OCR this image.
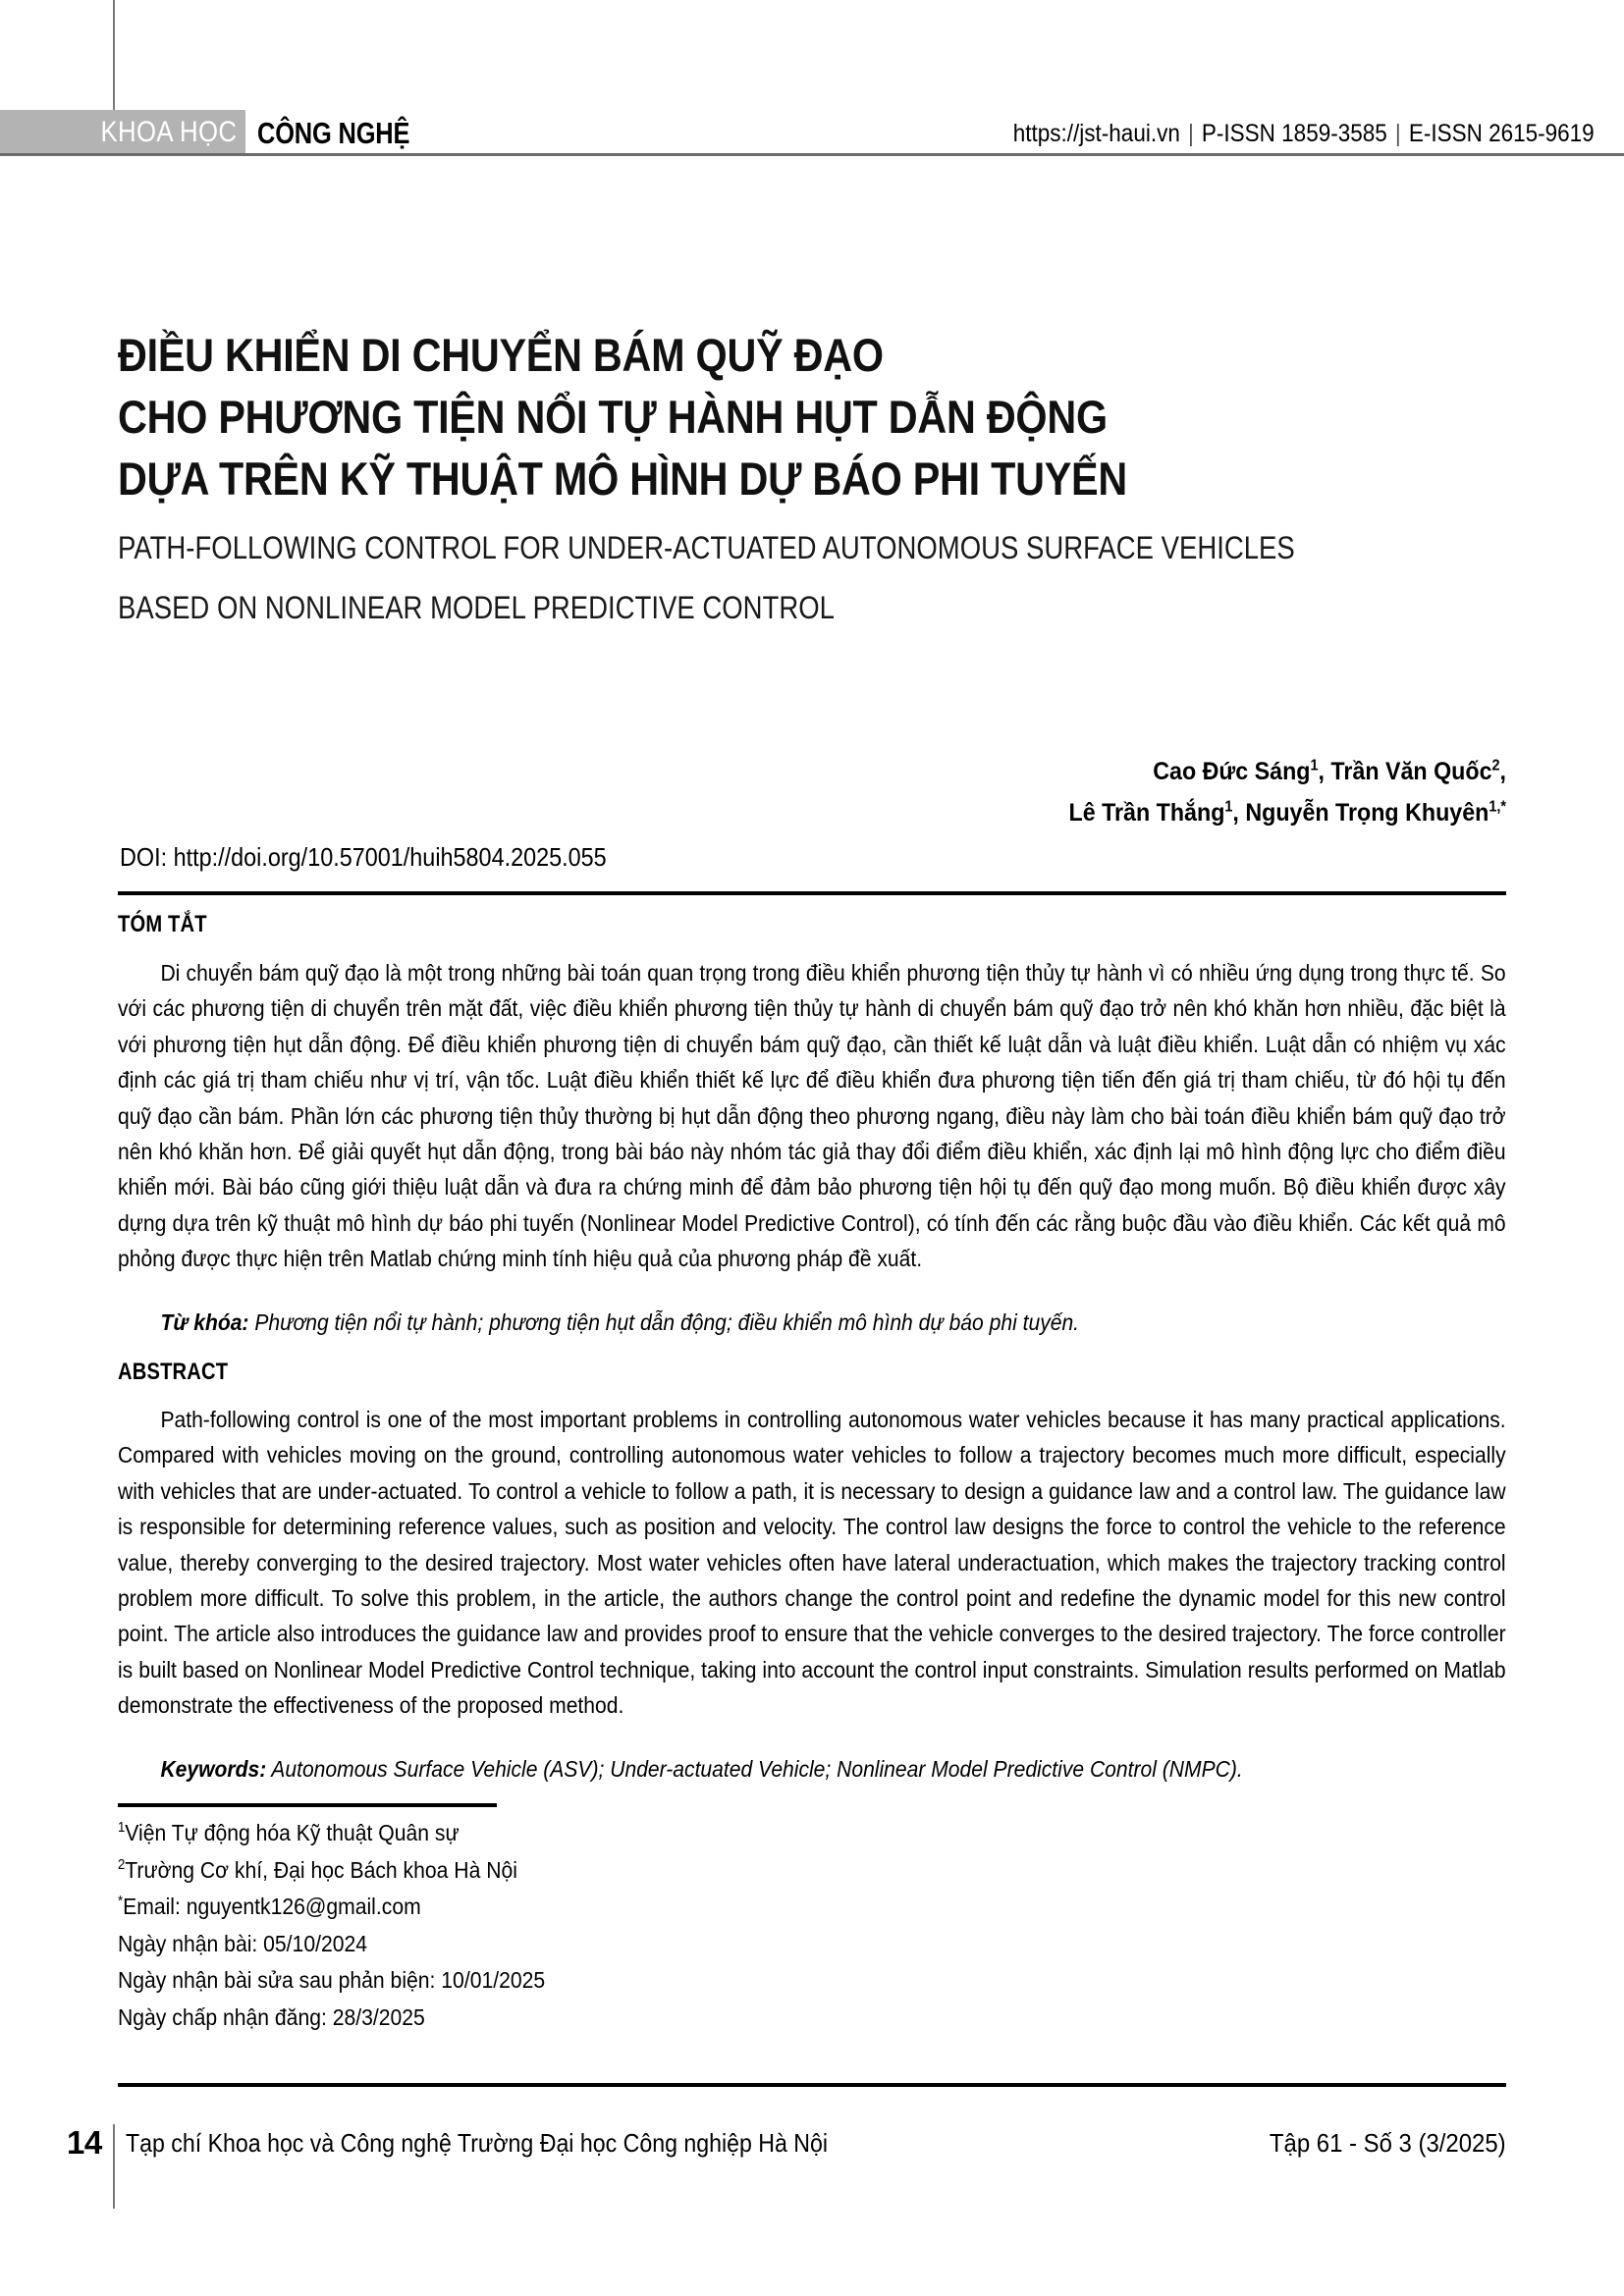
KHOA HỌC CÔNG NGHỆ	https://jst-haui.vn | P-ISSN 1859-3585 | E-ISSN 2615-9619
ĐIỀU KHIỂN DI CHUYỂN BÁM QUỸ ĐẠO
CHO PHƯƠNG TIỆN NỔI TỰ HÀNH HỤT DẪN ĐỘNG
DỰA TRÊN KỸ THUẬT MÔ HÌNH DỰ BÁO PHI TUYẾN
PATH-FOLLOWING CONTROL FOR UNDER-ACTUATED AUTONOMOUS SURFACE VEHICLES
BASED ON NONLINEAR MODEL PREDICTIVE CONTROL
Cao Đức Sáng$^1$, Trần Văn Quốc$^2$,
Lê Trần Thắng$^1$, Nguyễn Trọng Khuyên$^{1,*}$
DOI: http://doi.org/10.57001/huih5804.2025.055
TÓM TẮT
Di chuyển bám quỹ đạo là một trong những bài toán quan trọng trong điều khiển phương tiện thủy tự hành vì có nhiều ứng dụng trong thực tế. So với các phương tiện di chuyển trên mặt đất, việc điều khiển phương tiện thủy tự hành di chuyển bám quỹ đạo trở nên khó khăn hơn nhiều, đặc biệt là với phương tiện hụt dẫn động. Để điều khiển phương tiện di chuyển bám quỹ đạo, cần thiết kế luật dẫn và luật điều khiển. Luật dẫn có nhiệm vụ xác định các giá trị tham chiếu như vị trí, vận tốc. Luật điều khiển thiết kế lực để điều khiển đưa phương tiện tiến đến giá trị tham chiếu, từ đó hội tụ đến quỹ đạo cần bám. Phần lớn các phương tiện thủy thường bị hụt dẫn động theo phương ngang, điều này làm cho bài toán điều khiển bám quỹ đạo trở nên khó khăn hơn. Để giải quyết hụt dẫn động, trong bài báo này nhóm tác giả thay đổi điểm điều khiển, xác định lại mô hình động lực cho điểm điều khiển mới. Bài báo cũng giới thiệu luật dẫn và đưa ra chứng minh để đảm bảo phương tiện hội tụ đến quỹ đạo mong muốn. Bộ điều khiển được xây dựng dựa trên kỹ thuật mô hình dự báo phi tuyến (Nonlinear Model Predictive Control), có tính đến các rằng buộc đầu vào điều khiển. Các kết quả mô phỏng được thực hiện trên Matlab chứng minh tính hiệu quả của phương pháp đề xuất.
Từ khóa: Phương tiện nổi tự hành; phương tiện hụt dẫn động; điều khiển mô hình dự báo phi tuyến.
ABSTRACT
Path-following control is one of the most important problems in controlling autonomous water vehicles because it has many practical applications. Compared with vehicles moving on the ground, controlling autonomous water vehicles to follow a trajectory becomes much more difficult, especially with vehicles that are under-actuated. To control a vehicle to follow a path, it is necessary to design a guidance law and a control law. The guidance law is responsible for determining reference values, such as position and velocity. The control law designs the force to control the vehicle to the reference value, thereby converging to the desired trajectory. Most water vehicles often have lateral underactuation, which makes the trajectory tracking control problem more difficult. To solve this problem, in the article, the authors change the control point and redefine the dynamic model for this new control point. The article also introduces the guidance law and provides proof to ensure that the vehicle converges to the desired trajectory. The force controller is built based on Nonlinear Model Predictive Control technique, taking into account the control input constraints. Simulation results performed on Matlab demonstrate the effectiveness of the proposed method.
Keywords: Autonomous Surface Vehicle (ASV); Under-actuated Vehicle; Nonlinear Model Predictive Control (NMPC).
$^1$Viện Tự động hóa Kỹ thuật Quân sự
$^2$Trường Cơ khí, Đại học Bách khoa Hà Nội
*Email: nguyentk126@gmail.com
Ngày nhận bài: 05/10/2024
Ngày nhận bài sửa sau phản biện: 10/01/2025
Ngày chấp nhận đăng: 28/3/2025
14 Tạp chí Khoa học và Công nghệ Trường Đại học Công nghiệp Hà Nội	Tập 61 - Số 3 (3/2025)
